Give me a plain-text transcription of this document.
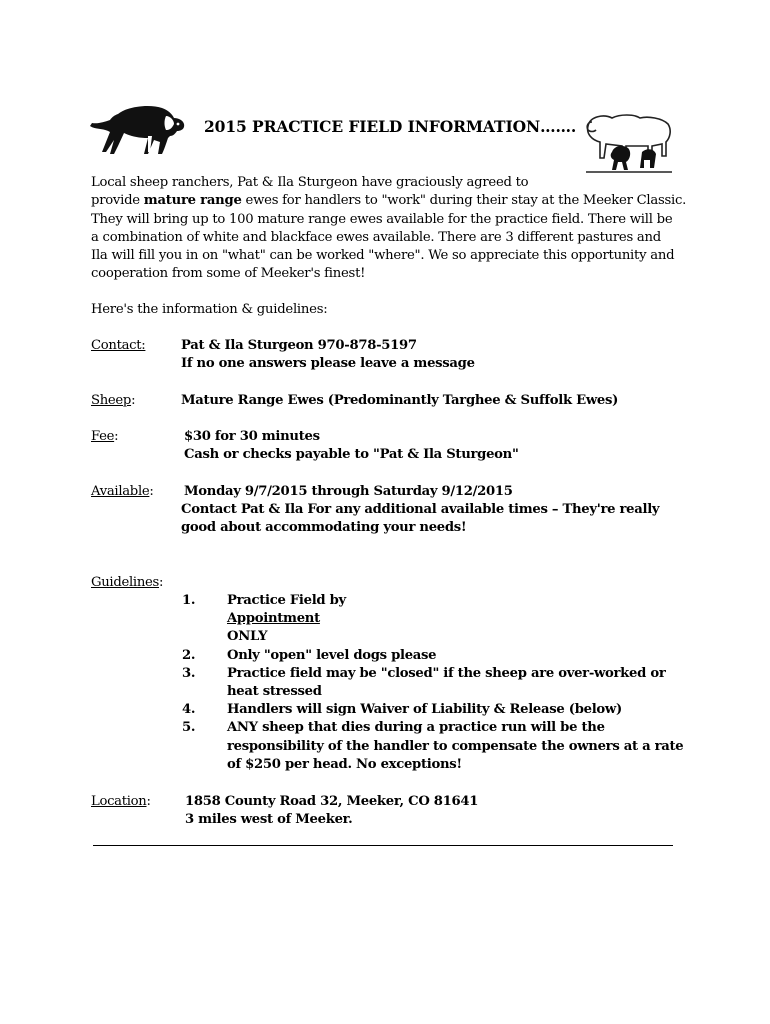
2015 PRACTICE FIELD INFORMATION…….
Local sheep ranchers, Pat & Ila Sturgeon have graciously agreed to
provide mature range ewes for handlers to "work" during their stay at the Meeker Classic.
They will bring up to 100 mature range ewes available for the practice field. There will be
a combination of white and blackface ewes available. There are 3 different pastures and
Ila will fill you in on "what" can be worked "where". We so appreciate this opportunity and
cooperation from some of Meeker's finest!
Here's the information & guidelines:
Contact:	Pat & Ila Sturgeon 970-878-5197
If no one answers please leave a message
Sheep:	Mature Range Ewes (Predominantly Targhee & Suffolk Ewes)
Fee:	$30 for 30 minutes
Cash or checks payable to "Pat & Ila Sturgeon"
Available: Monday 9/7/2015 through Saturday 9/12/2015
Contact Pat & Ila For any additional available times – They're really
good about accommodating your needs!
Guidelines:
1.	Practice Field by
Appointment
ONLY
2.	Only "open" level dogs please
3.	Practice field may be "closed" if the sheep are over-worked or
heat stressed
4.	Handlers will sign Waiver of Liability & Release (below)
5.	ANY sheep that dies during a practice run will be the
responsibility of the handler to compensate the owners at a rate
of $250 per head. No exceptions!
Location:	1858 County Road 32, Meeker, CO 81641
3 miles west of Meeker.
